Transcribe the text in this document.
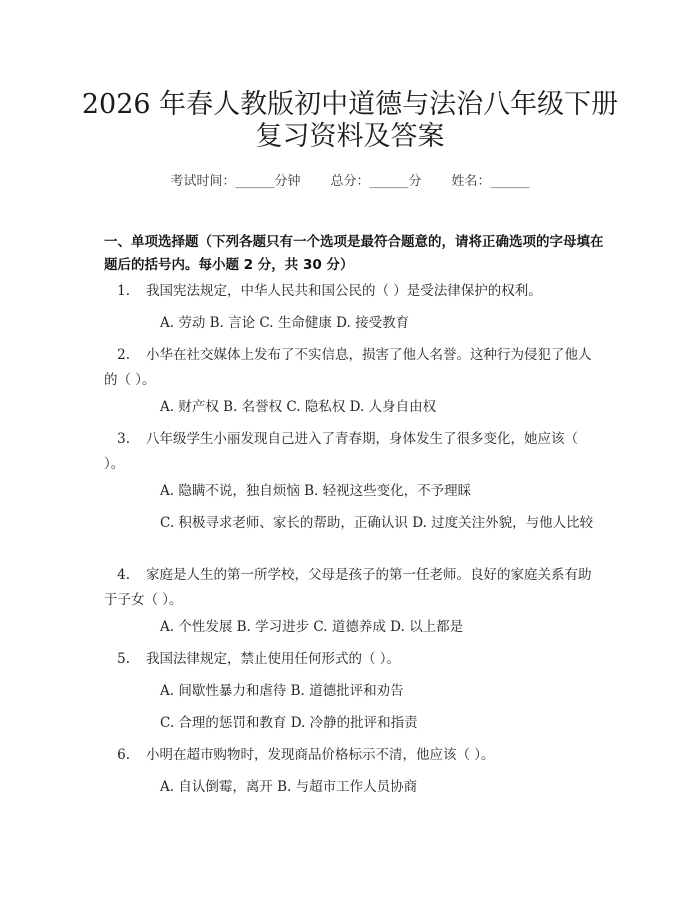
2026 年春人教版初中道德与法治八年级下册
复习资料及答案
考试时间：______分钟 总分：______分 姓名：______
一、单项选择题（下列各题只有一个选项是最符合题意的，请将正确选项的字母填在题后的括号内。每小题 2 分，共 30 分）
1. 我国宪法规定，中华人民共和国公民的（ ）是受法律保护的权利。
A. 劳动 B. 言论 C. 生命健康 D. 接受教育
2. 小华在社交媒体上发布了不实信息，损害了他人名誉。这种行为侵犯了他人的（ ）。
A. 财产权 B. 名誉权 C. 隐私权 D. 人身自由权
3. 八年级学生小丽发现自己进入了青春期，身体发生了很多变化，她应该（ ）。
A. 隐瞒不说，独自烦恼 B. 轻视这些变化，不予理睬
C. 积极寻求老师、家长的帮助，正确认识 D. 过度关注外貌，与他人比较
4. 家庭是人生的第一所学校，父母是孩子的第一任老师。良好的家庭关系有助于子女（ ）。
A. 个性发展 B. 学习进步 C. 道德养成 D. 以上都是
5. 我国法律规定，禁止使用任何形式的（ ）。
A. 间歇性暴力和虐待 B. 道德批评和劝告
C. 合理的惩罚和教育 D. 冷静的批评和指责
6. 小明在超市购物时，发现商品价格标示不清，他应该（ ）。
A. 自认倒霉，离开 B. 与超市工作人员协商
